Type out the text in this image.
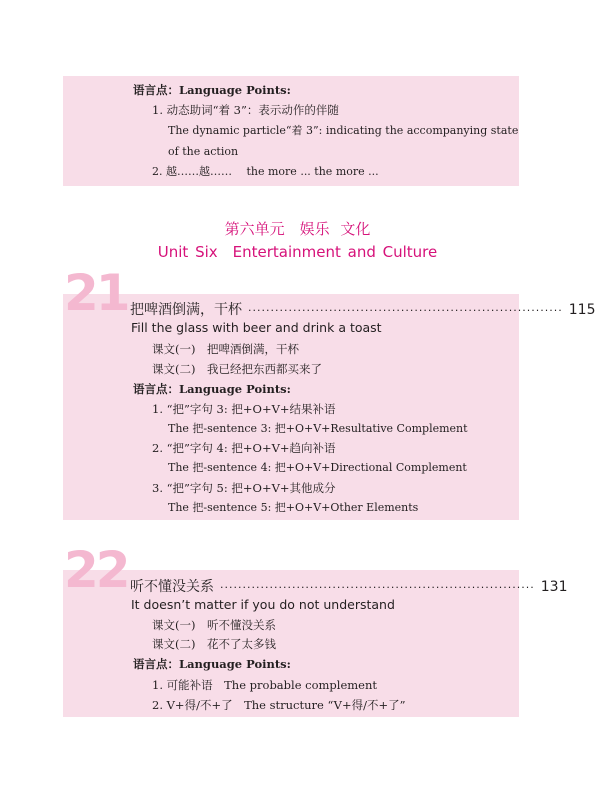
语言点：Language Points:
1. 动态助词“着 3”：表示动作的伴随
The dynamic particle“着 3”: indicating the accompanying state
of the action
2. 越……越……　 the more ... the more ...
第六单元　娱乐 文化
Unit Six　Entertainment and Culture
21 把啤酒倒满，干杯 ······································································ 115
Fill the glass with beer and drink a toast
课文(一)　把啤酒倒满，干杯
课文(二)　我已经把东西都买来了
语言点：Language Points:
1. “把”字句 3: 把+O+V+结果补语
The 把-sentence 3: 把+O+V+Resultative Complement
2. “把”字句 4: 把+O+V+趋向补语
The 把-sentence 4: 把+O+V+Directional Complement
3. “把”字句 5: 把+O+V+其他成分
The 把-sentence 5: 把+O+V+Other Elements
22 听不懂没关系 ······································································ 131
It doesn’t matter if you do not understand
课文(一)　听不懂没关系
课文(二)　花不了太多钱
语言点：Language Points:
1. 可能补语　The probable complement
2. V+得/不+了　The structure “V+得/不+了”
